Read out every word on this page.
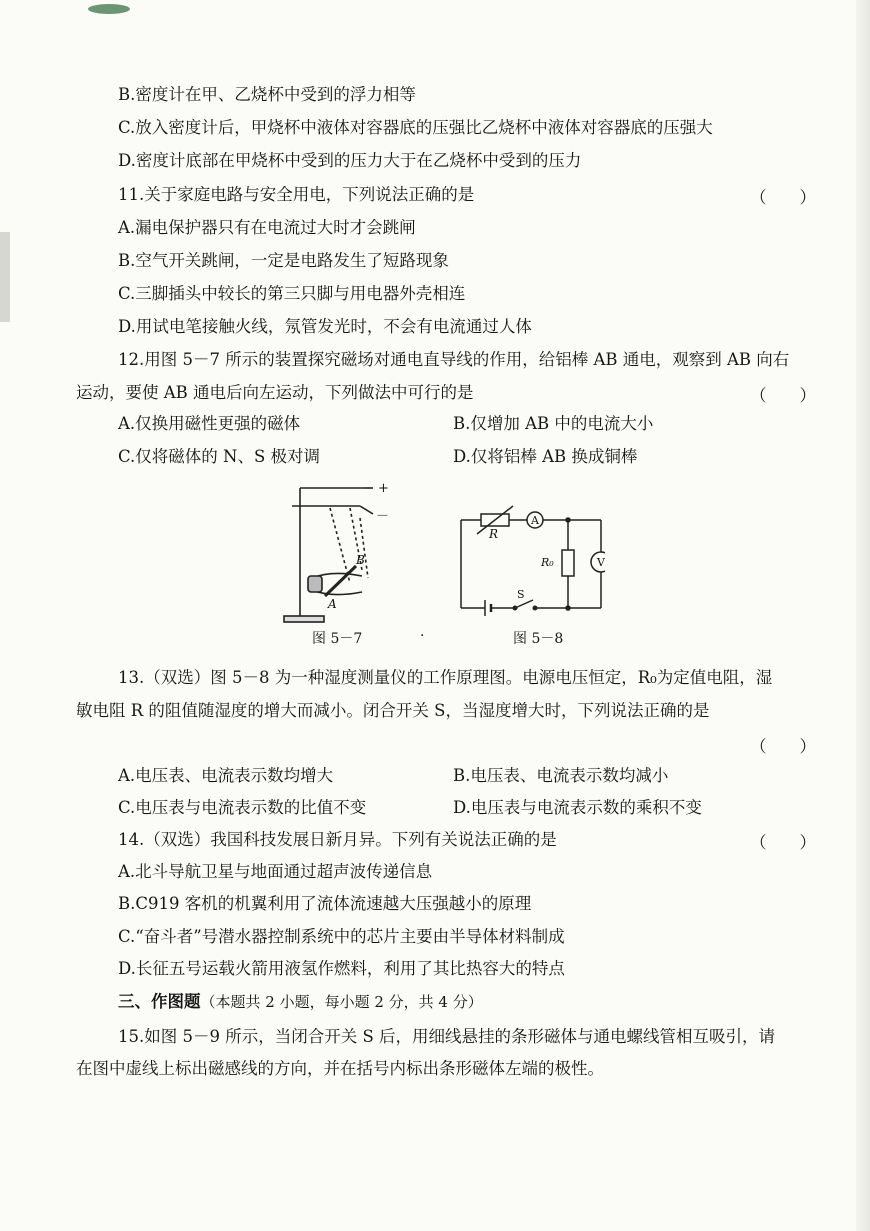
B.密度计在甲、乙烧杯中受到的浮力相等
C.放入密度计后，甲烧杯中液体对容器底的压强比乙烧杯中液体对容器底的压强大
D.密度计底部在甲烧杯中受到的压力大于在乙烧杯中受到的压力
11.关于家庭电路与安全用电，下列说法正确的是	（　　）
A.漏电保护器只有在电流过大时才会跳闸
B.空气开关跳闸，一定是电路发生了短路现象
C.三脚插头中较长的第三只脚与用电器外壳相连
D.用试电笔接触火线，氖管发光时，不会有电流通过人体
12.用图 5－7 所示的装置探究磁场对通电直导线的作用，给铝棒 AB 通电，观察到 AB 向右
运动，要使 AB 通电后向左运动，下列做法中可行的是	（　　）
A.仅换用磁性更强的磁体	B.仅增加 AB 中的电流大小
C.仅将磁体的 N、S 极对调	D.仅将铝棒 AB 换成铜棒
+
－
A
B
图 5－7	·
R
A
V
R₀
S
图 5－8
13.（双选）图 5－8 为一种湿度测量仪的工作原理图。电源电压恒定，R₀为定值电阻，湿
敏电阻 R 的阻值随湿度的增大而减小。闭合开关 S，当湿度增大时，下列说法正确的是
（　　）
A.电压表、电流表示数均增大	B.电压表、电流表示数均减小
C.电压表与电流表示数的比值不变	D.电压表与电流表示数的乘积不变
14.（双选）我国科技发展日新月异。下列有关说法正确的是	（　　）
A.北斗导航卫星与地面通过超声波传递信息
B.C919 客机的机翼利用了流体流速越大压强越小的原理
C.“奋斗者”号潜水器控制系统中的芯片主要由半导体材料制成
D.长征五号运载火箭用液氢作燃料，利用了其比热容大的特点
三、作图题（本题共 2 小题，每小题 2 分，共 4 分）
15.如图 5－9 所示，当闭合开关 S 后，用细线悬挂的条形磁体与通电螺线管相互吸引，请
在图中虚线上标出磁感线的方向，并在括号内标出条形磁体左端的极性。
